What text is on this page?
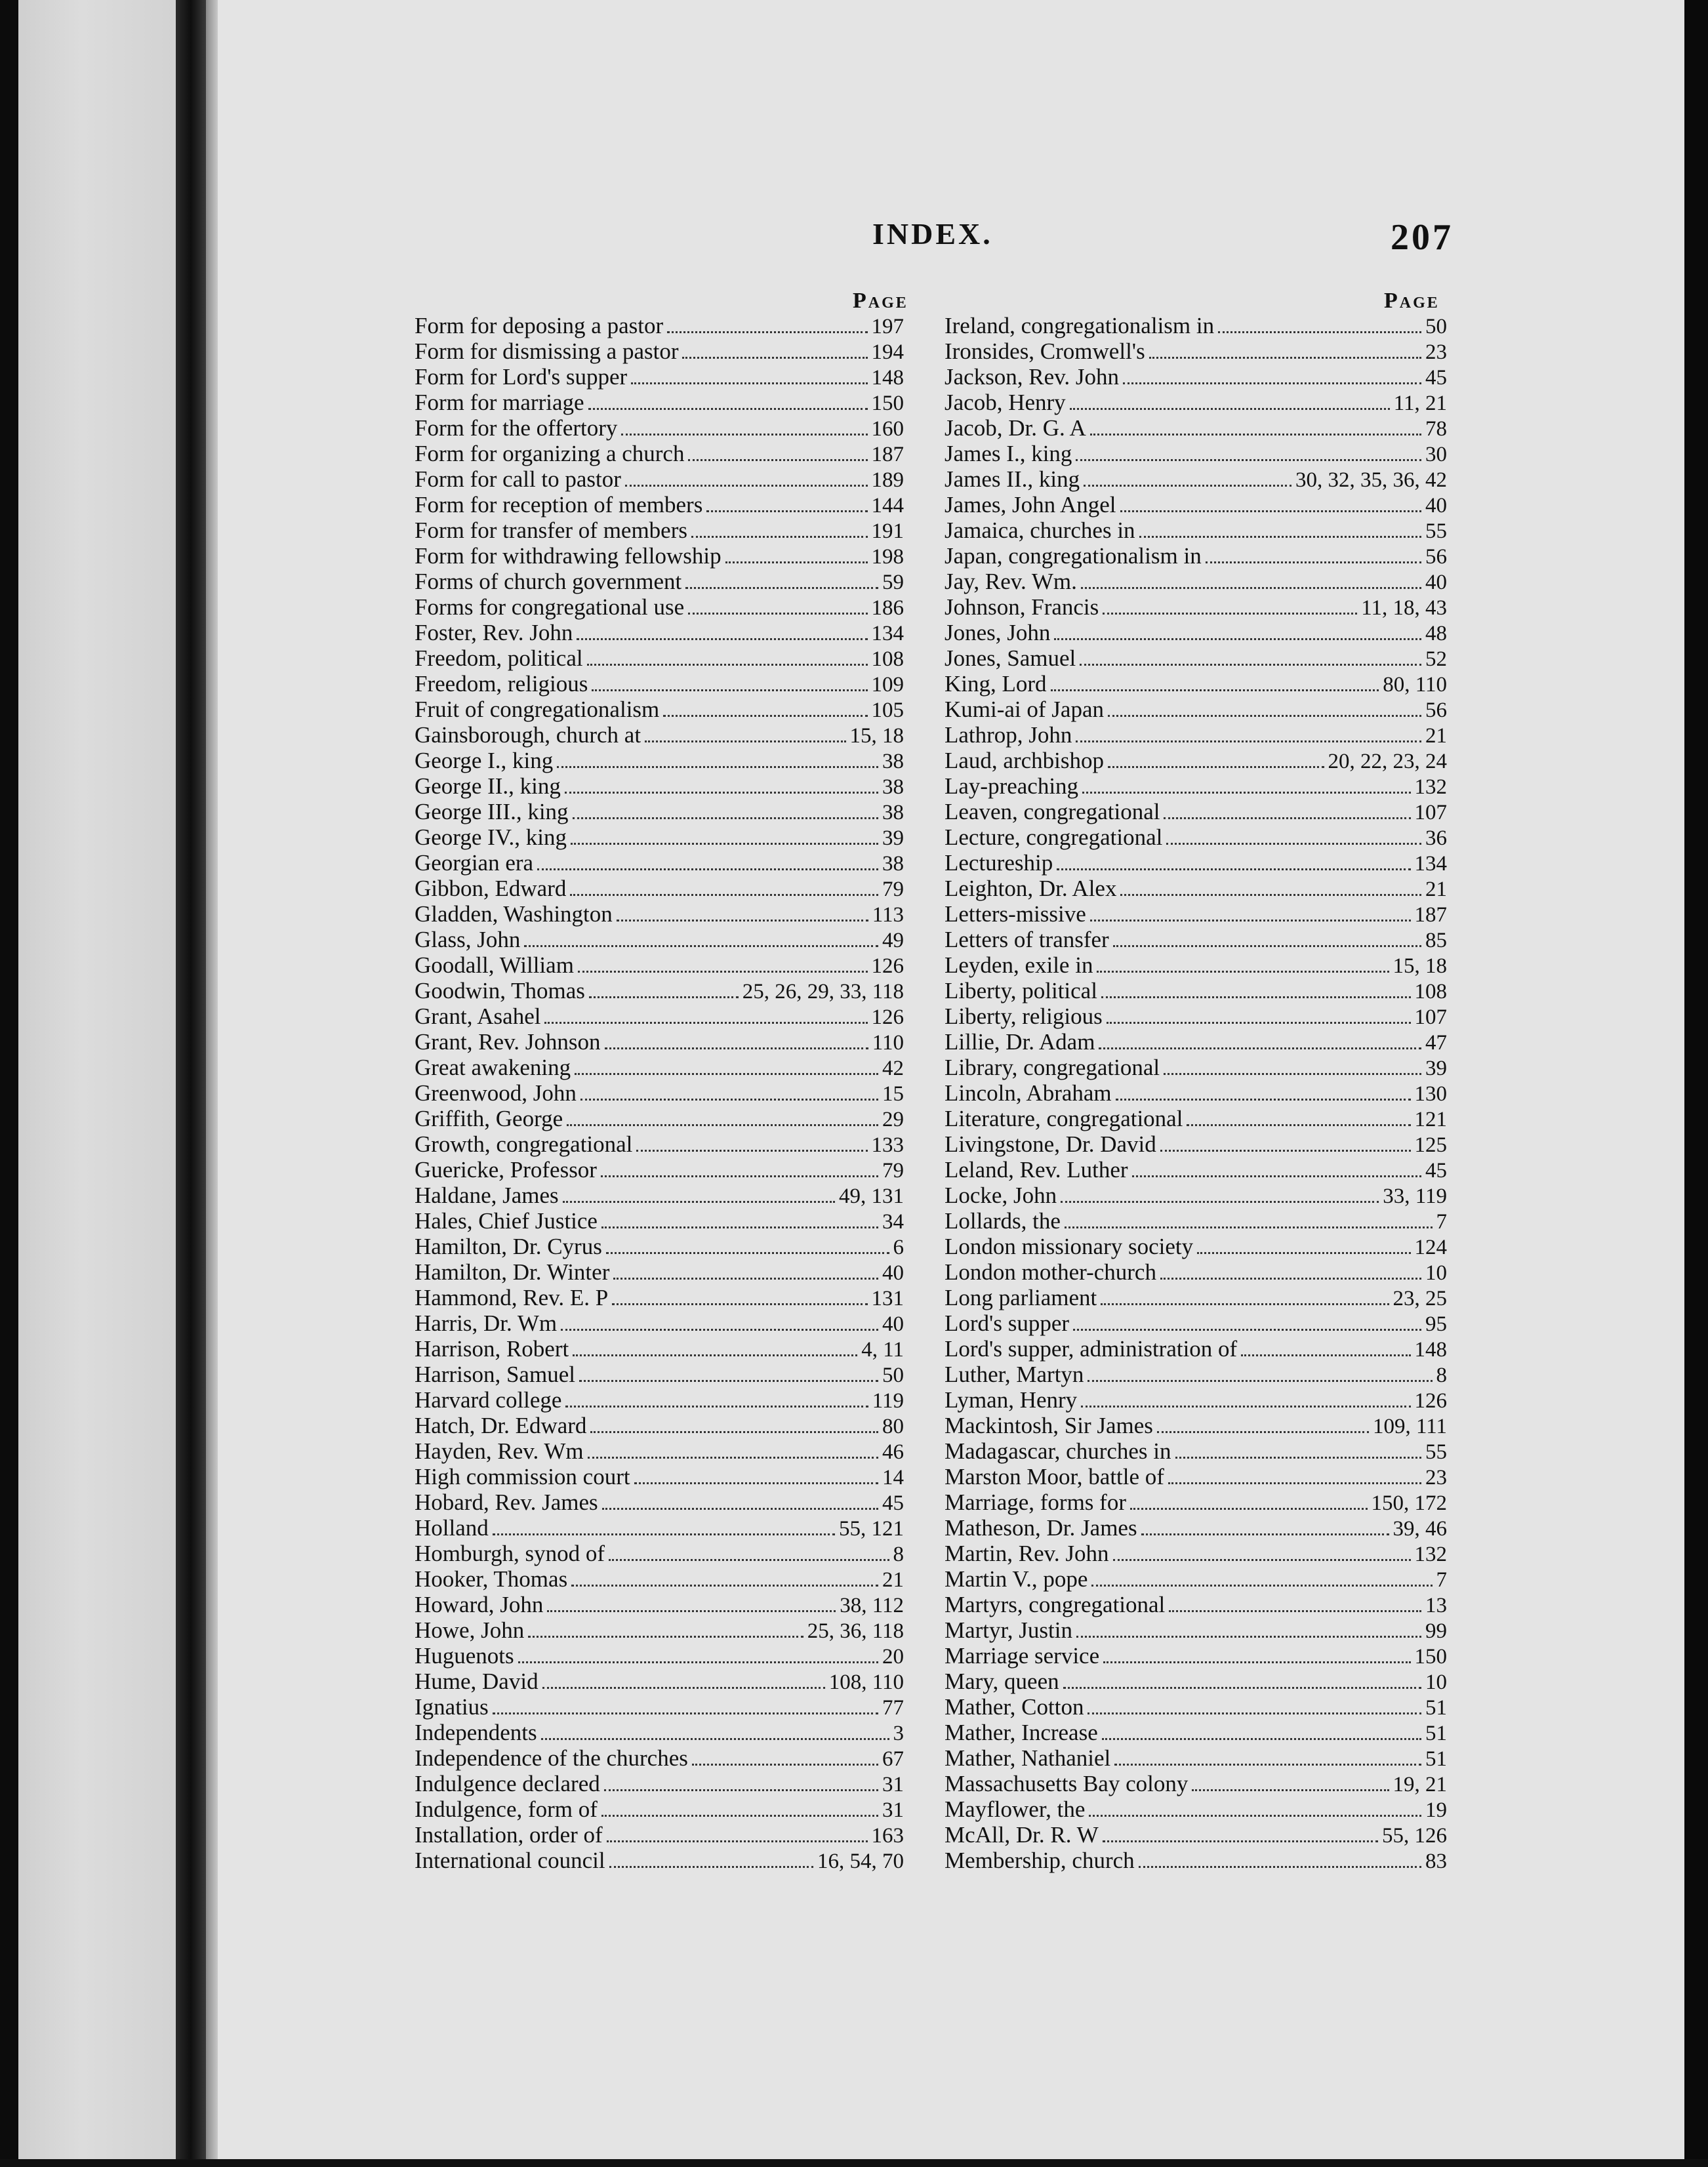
INDEX.	207
Page	Page
Form for deposing a pastor	197
Form for dismissing a pastor	194
Form for Lord's supper	148
Form for marriage	150
Form for the offertory	160
Form for organizing a church	187
Form for call to pastor	189
Form for reception of members	144
Form for transfer of members	191
Form for withdrawing fellowship	198
Forms of church government	59
Forms for congregational use	186
Foster, Rev. John	134
Freedom, political	108
Freedom, religious	109
Fruit of congregationalism	105
Gainsborough, church at	15, 18
George I., king	38
George II., king	38
George III., king	38
George IV., king	39
Georgian era	38
Gibbon, Edward	79
Gladden, Washington	113
Glass, John	49
Goodall, William	126
Goodwin, Thomas	25, 26, 29, 33, 118
Grant, Asahel	126
Grant, Rev. Johnson	110
Great awakening	42
Greenwood, John	15
Griffith, George	29
Growth, congregational	133
Guericke, Professor	79
Haldane, James	49, 131
Hales, Chief Justice	34
Hamilton, Dr. Cyrus	6
Hamilton, Dr. Winter	40
Hammond, Rev. E. P	131
Harris, Dr. Wm	40
Harrison, Robert	4, 11
Harrison, Samuel	50
Harvard college	119
Hatch, Dr. Edward	80
Hayden, Rev. Wm	46
High commission court	14
Hobard, Rev. James	45
Holland	55, 121
Homburgh, synod of	8
Hooker, Thomas	21
Howard, John	38, 112
Howe, John	25, 36, 118
Huguenots	20
Hume, David	108, 110
Ignatius	77
Independents	3
Independence of the churches	67
Indulgence declared	31
Indulgence, form of	31
Installation, order of	163
International council	16, 54, 70
Ireland, congregationalism in	50
Ironsides, Cromwell's	23
Jackson, Rev. John	45
Jacob, Henry	11, 21
Jacob, Dr. G. A	78
James I., king	30
James II., king	30, 32, 35, 36, 42
James, John Angel	40
Jamaica, churches in	55
Japan, congregationalism in	56
Jay, Rev. Wm.	40
Johnson, Francis	11, 18, 43
Jones, John	48
Jones, Samuel	52
King, Lord	80, 110
Kumi-ai of Japan	56
Lathrop, John	21
Laud, archbishop	20, 22, 23, 24
Lay-preaching	132
Leaven, congregational	107
Lecture, congregational	36
Lectureship	134
Leighton, Dr. Alex	21
Letters-missive	187
Letters of transfer	85
Leyden, exile in	15, 18
Liberty, political	108
Liberty, religious	107
Lillie, Dr. Adam	47
Library, congregational	39
Lincoln, Abraham	130
Literature, congregational	121
Livingstone, Dr. David	125
Leland, Rev. Luther	45
Locke, John	33, 119
Lollards, the	7
London missionary society	124
London mother-church	10
Long parliament	23, 25
Lord's supper	95
Lord's supper, administration of	148
Luther, Martyn	8
Lyman, Henry	126
Mackintosh, Sir James	109, 111
Madagascar, churches in	55
Marston Moor, battle of	23
Marriage, forms for	150, 172
Matheson, Dr. James	39, 46
Martin, Rev. John	132
Martin V., pope	7
Martyrs, congregational	13
Martyr, Justin	99
Marriage service	150
Mary, queen	10
Mather, Cotton	51
Mather, Increase	51
Mather, Nathaniel	51
Massachusetts Bay colony	19, 21
Mayflower, the	19
McAll, Dr. R. W	55, 126
Membership, church	83
